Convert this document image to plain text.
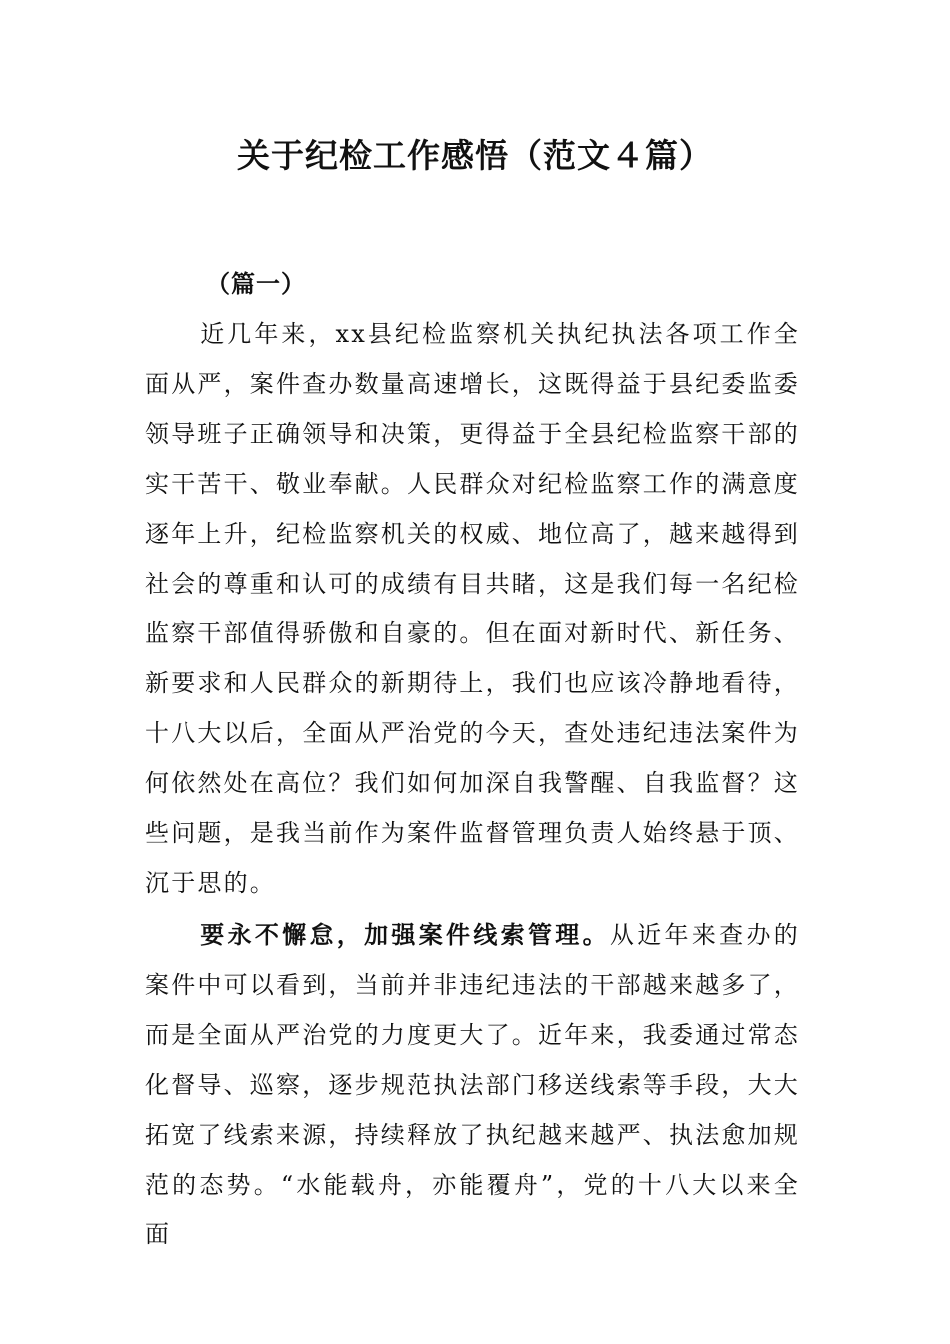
关于纪检工作感悟（范文４篇）
（篇一）

近几年来，xx县纪检监察机关执纪执法各项工作全面从严，案件查办数量高速增长，这既得益于县纪委监委领导班子正确领导和决策，更得益于全县纪检监察干部的实干苦干、敬业奉献。人民群众对纪检监察工作的满意度逐年上升，纪检监察机关的权威、地位高了，越来越得到社会的尊重和认可的成绩有目共睹，这是我们每一名纪检监察干部值得骄傲和自豪的。但在面对新时代、新任务、新要求和人民群众的新期待上，我们也应该冷静地看待，十八大以后，全面从严治党的今天，查处违纪违法案件为何依然处在高位？我们如何加深自我警醒、自我监督？这些问题，是我当前作为案件监督管理负责人始终悬于顶、沉于思的。

要永不懈怠，加强案件线索管理。从近年来查办的案件中可以看到，当前并非违纪违法的干部越来越多了，而是全面从严治党的力度更大了。近年来，我委通过常态化督导、巡察，逐步规范执法部门移送线索等手段，大大拓宽了线索来源，持续释放了执纪越来越严、执法愈加规范的态势。“水能载舟，亦能覆舟”，党的十八大以来全面
